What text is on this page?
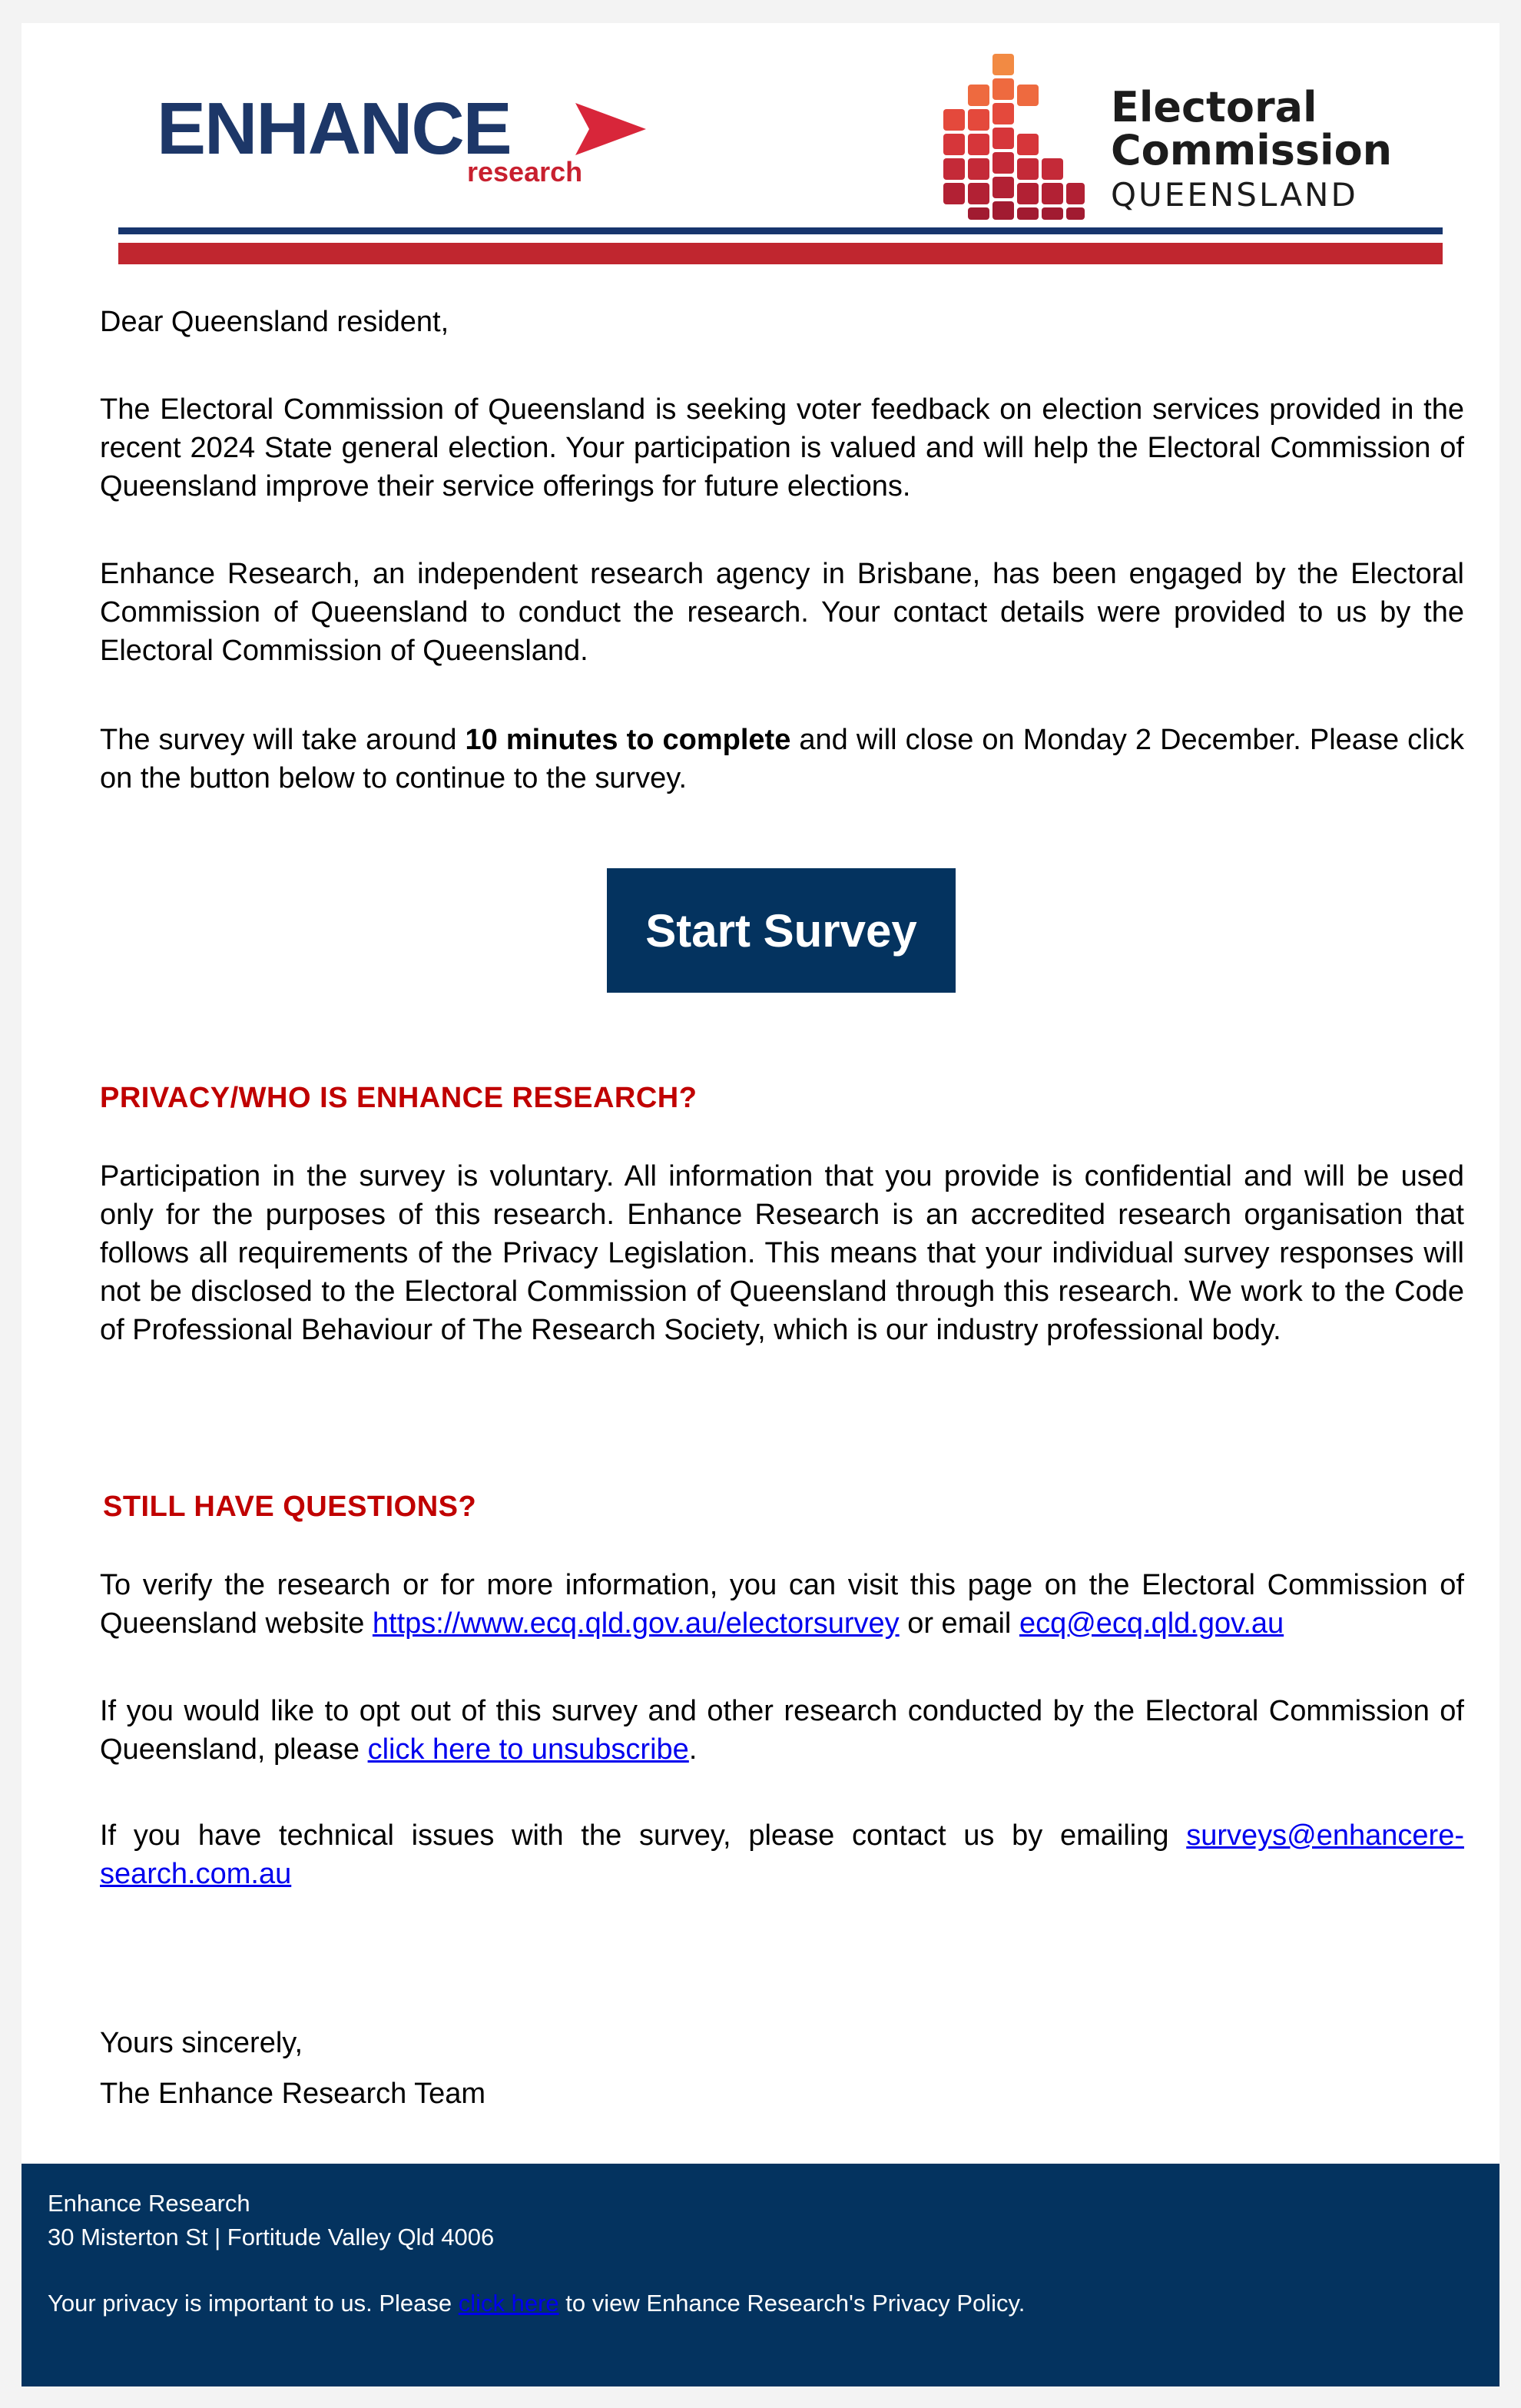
ENHANCE
research
Electoral
Commission
QUEENSLAND
Dear Queensland resident,
The Electoral Commission of Queensland is seeking voter feedback on election services provided in the recent 2024 State general election. Your participation is valued and will help the Electoral Commission of Queensland improve their service offerings for future elections.
Enhance Research, an independent research agency in Brisbane, has been engaged by the Electoral Commission of Queensland to conduct the research. Your contact details were provided to us by the Electoral Commission of Queensland.
The survey will take around 10 minutes to complete and will close on Monday 2 December. Please click on the button below to continue to the survey.
Start Survey
PRIVACY/WHO IS ENHANCE RESEARCH?
Participation in the survey is voluntary. All information that you provide is confidential and will be used only for the purposes of this research. Enhance Research is an accredited research organisation that follows all requirements of the Privacy Legislation. This means that your individual survey responses will not be disclosed to the Electoral Commission of Queensland through this research. We work to the Code of Professional Behaviour of The Research Society, which is our industry professional body.
STILL HAVE QUESTIONS?
To verify the research or for more information, you can visit this page on the Electoral Commission of Queensland website https://www.ecq.qld.gov.au/electorsurvey or email ecq@ecq.qld.gov.au
If you would like to opt out of this survey and other research conducted by the Electoral Commission of Queensland, please click here to unsubscribe.
If you have technical issues with the survey, please contact us by emailing surveys@enhancere-search.com.au
Yours sincerely,
The Enhance Research Team
Enhance Research
30 Misterton St | Fortitude Valley Qld 4006
Your privacy is important to us. Please click here to view Enhance Research's Privacy Policy.
